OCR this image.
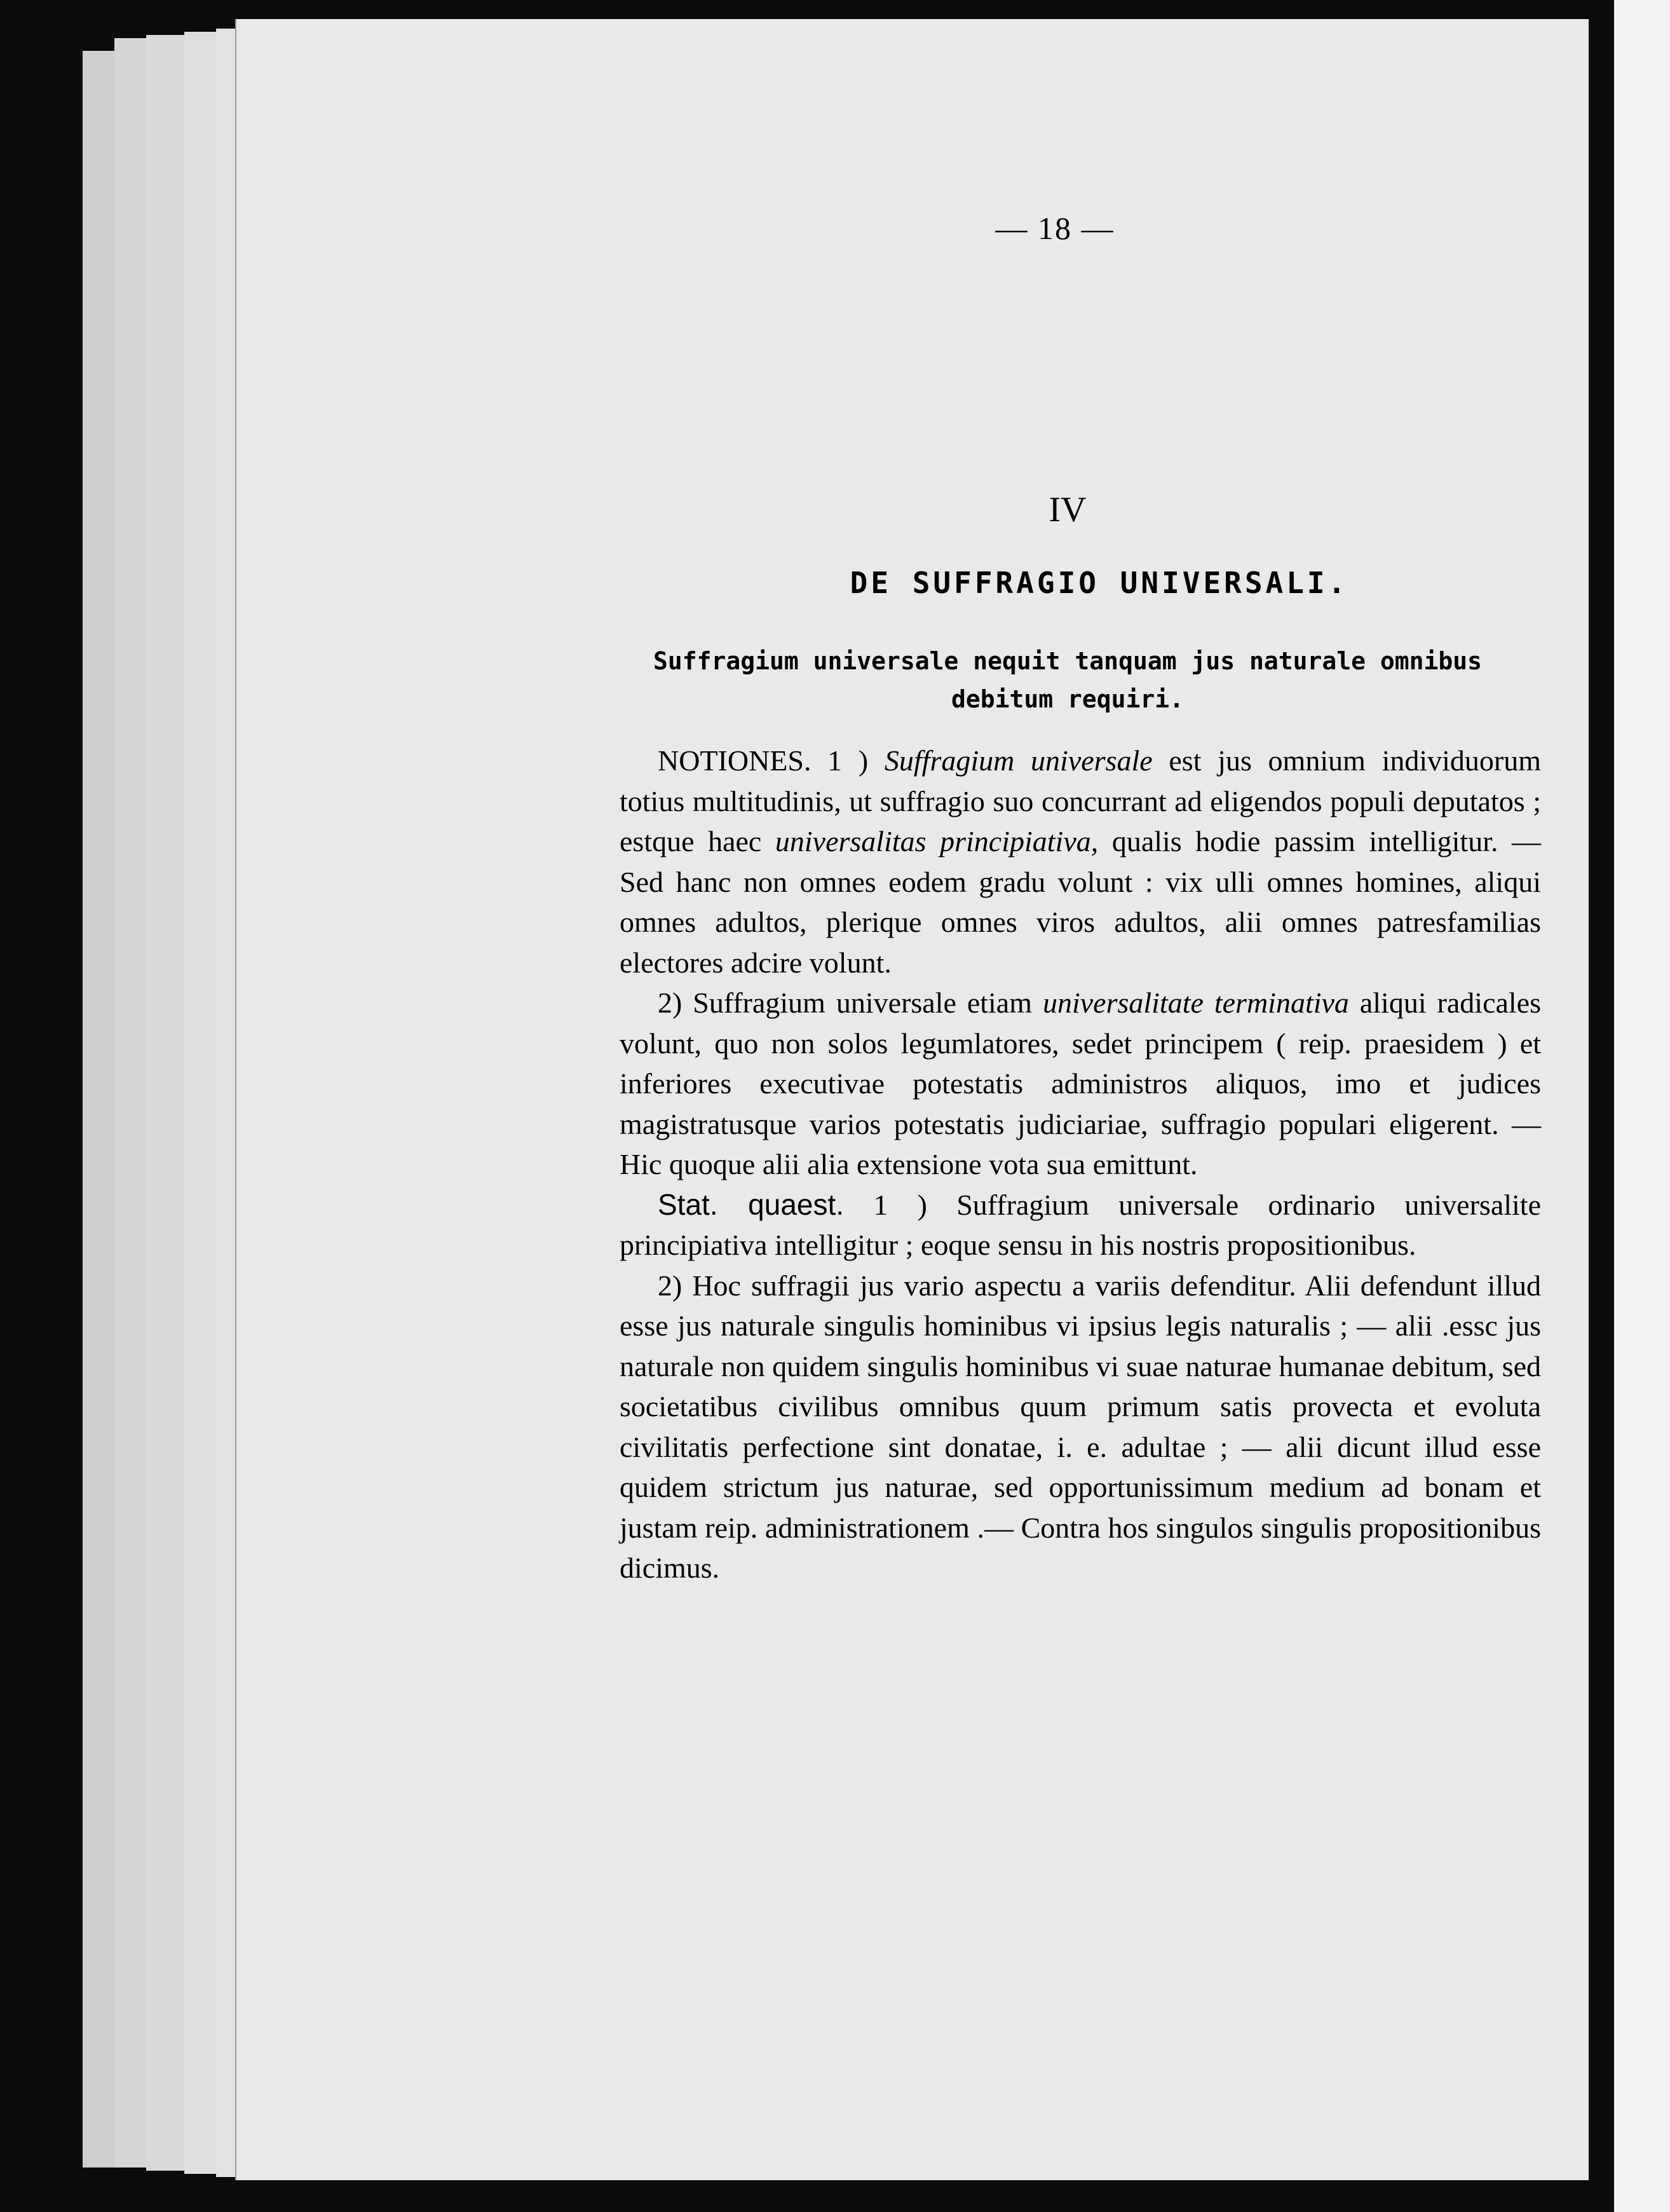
— 18 —
IV
DE SUFFRAGIO UNIVERSALI.
Suffragium universale nequit tanquam jus naturale omnibus debitum requiri.

NOTIONES. 1 ) Suffragium universale est jus omnium individuorum totius multitudinis, ut suffragio suo concurrant ad eligendos populi deputatos ; estque haec universalitas principiativa, qualis hodie passim intelligitur. — Sed hanc non omnes eodem gradu volunt : vix ulli omnes homines, aliqui omnes adultos, plerique omnes viros adultos, alii omnes patresfamilias electores adcire volunt.

2) Suffragium universale etiam universalitate terminativa aliqui radicales volunt, quo non solos legumlatores, sedet principem ( reip. praesidem ) et inferiores executivae potestatis administros aliquos, imo et judices magistratusque varios potestatis judiciariae, suffragio populari eligerent. — Hic quoque alii alia extensione vota sua emittunt.

Stat. quaest. 1 ) Suffragium universale ordinario universalite principiativa intelligitur ; eoque sensu in his nostris propositionibus.

2) Hoc suffragii jus vario aspectu a variis defenditur. Alii defendunt illud esse jus naturale singulis hominibus vi ipsius legis naturalis ; — alii .essc jus naturale non quidem singulis hominibus vi suae naturae humanae debitum, sed societatibus civilibus omnibus quum primum satis provecta et evoluta civilitatis perfectione sint donatae, i. e. adultae ; — alii dicunt illud esse quidem strictum jus naturae, sed opportunissimum medium ad bonam et justam reip. administrationem .— Contra hos singulos singulis propositionibus dicimus.
